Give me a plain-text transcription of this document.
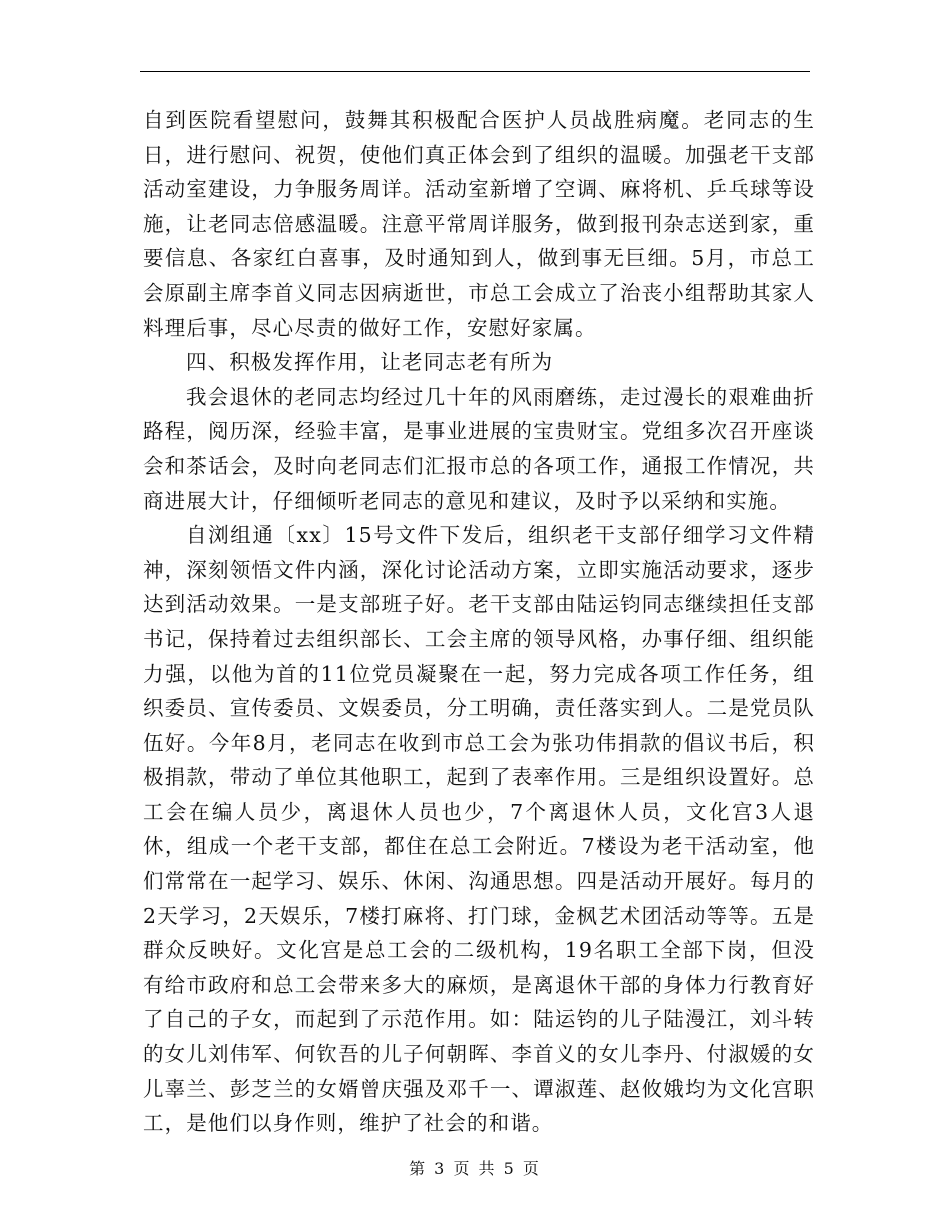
自到医院看望慰问，鼓舞其积极配合医护人员战胜病魔。老同志的生日，进行慰问、祝贺，使他们真正体会到了组织的温暖。加强老干支部活动室建设，力争服务周详。活动室新增了空调、麻将机、乒乓球等设施，让老同志倍感温暖。注意平常周详服务，做到报刊杂志送到家，重要信息、各家红白喜事，及时通知到人，做到事无巨细。5月，市总工会原副主席李首义同志因病逝世，市总工会成立了治丧小组帮助其家人料理后事，尽心尽责的做好工作，安慰好家属。

四、积极发挥作用，让老同志老有所为

我会退休的老同志均经过几十年的风雨磨练，走过漫长的艰难曲折路程，阅历深，经验丰富，是事业进展的宝贵财宝。党组多次召开座谈会和茶话会，及时向老同志们汇报市总的各项工作，通报工作情况，共商进展大计，仔细倾听老同志的意见和建议，及时予以采纳和实施。

自浏组通〔xx〕15号文件下发后，组织老干支部仔细学习文件精神，深刻领悟文件内涵，深化讨论活动方案，立即实施活动要求，逐步达到活动效果。一是支部班子好。老干支部由陆运钧同志继续担任支部书记，保持着过去组织部长、工会主席的领导风格，办事仔细、组织能力强，以他为首的11位党员凝聚在一起，努力完成各项工作任务，组织委员、宣传委员、文娱委员，分工明确，责任落实到人。二是党员队伍好。今年8月，老同志在收到市总工会为张功伟捐款的倡议书后，积极捐款，带动了单位其他职工，起到了表率作用。三是组织设置好。总工会在编人员少，离退休人员也少，7个离退休人员，文化宫3人退休，组成一个老干支部，都住在总工会附近。7楼设为老干活动室，他们常常在一起学习、娱乐、休闲、沟通思想。四是活动开展好。每月的2天学习，2天娱乐，7楼打麻将、打门球，金枫艺术团活动等等。五是群众反映好。文化宫是总工会的二级机构，19名职工全部下岗，但没有给市政府和总工会带来多大的麻烦，是离退休干部的身体力行教育好了自己的子女，而起到了示范作用。如：陆运钧的儿子陆漫江，刘斗转的女儿刘伟军、何钦吾的儿子何朝晖、李首义的女儿李丹、付淑媛的女儿辜兰、彭芝兰的女婿曾庆强及邓千一、谭淑莲、赵攸娥均为文化宫职工，是他们以身作则，维护了社会的和谐。

第 3 页 共 5 页
